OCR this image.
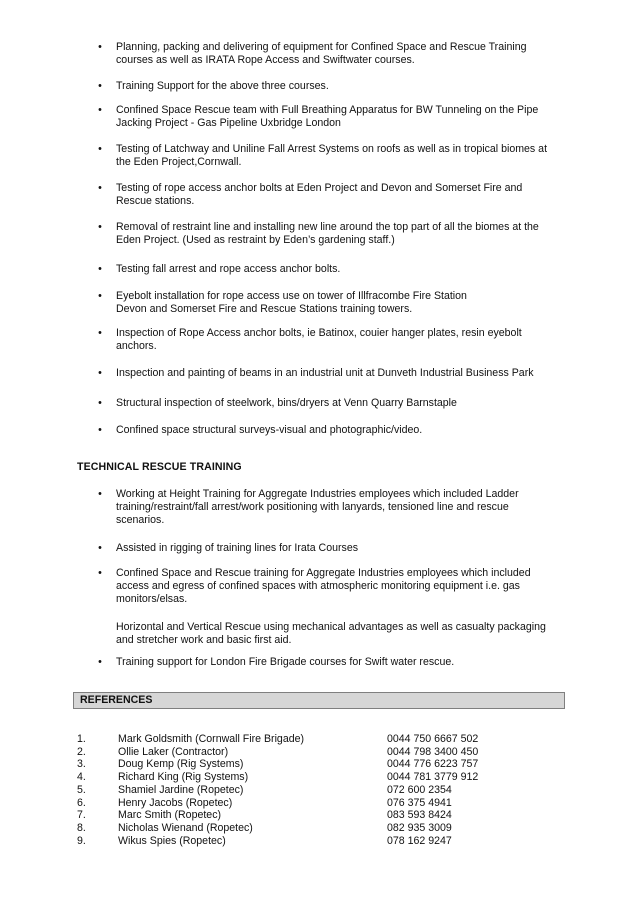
• Planning, packing and delivering of equipment for Confined Space and Rescue Training
courses as well as IRATA Rope Access and Swiftwater courses.
• Training Support for the above three courses.
• Confined Space Rescue team with Full Breathing Apparatus for BW Tunneling on the Pipe
Jacking Project - Gas Pipeline Uxbridge London
• Testing of Latchway and Uniline Fall Arrest Systems on roofs as well as in tropical biomes at
the Eden Project,Cornwall.
• Testing of rope access anchor bolts at Eden Project and Devon and Somerset Fire and
Rescue stations.
• Removal of restraint line and installing new line around the top part of all the biomes at the
Eden Project. (Used as restraint by Eden’s gardening staff.)
• Testing fall arrest and rope access anchor bolts.
• Eyebolt installation for rope access use on tower of Illfracombe Fire Station
Devon and Somerset Fire and Rescue Stations training towers.
• Inspection of Rope Access anchor bolts, ie Batinox, couier hanger plates, resin eyebolt
anchors.
• Inspection and painting of beams in an industrial unit at Dunveth Industrial Business Park
• Structural inspection of steelwork, bins/dryers at Venn Quarry Barnstaple
• Confined space structural surveys-visual and photographic/video.
TECHNICAL RESCUE TRAINING
• Working at Height Training for Aggregate Industries employees which included Ladder
training/restraint/fall arrest/work positioning with lanyards, tensioned line and rescue
scenarios.
• Assisted in rigging of training lines for Irata Courses
• Confined Space and Rescue training for Aggregate Industries employees which included
access and egress of confined spaces with atmospheric monitoring equipment i.e. gas
monitors/elsas.
• Training support for London Fire Brigade courses for Swift water rescue.
Horizontal and Vertical Rescue using mechanical advantages as well as casualty packaging
and stretcher work and basic first aid.
REFERENCES
1.	Mark Goldsmith (Cornwall Fire Brigade)	0044 750 6667 502
2.	Ollie Laker (Contractor)	0044 798 3400 450
3.	Doug Kemp (Rig Systems)	0044 776 6223 757
4.	Richard King (Rig Systems)	0044 781 3779 912
5.	Shamiel Jardine (Ropetec)	072 600 2354
6.	Henry Jacobs (Ropetec)	076 375 4941
7.	Marc Smith (Ropetec)	083 593 8424
8.	Nicholas Wienand (Ropetec)	082 935 3009
9.	Wikus Spies (Ropetec)	078 162 9247
